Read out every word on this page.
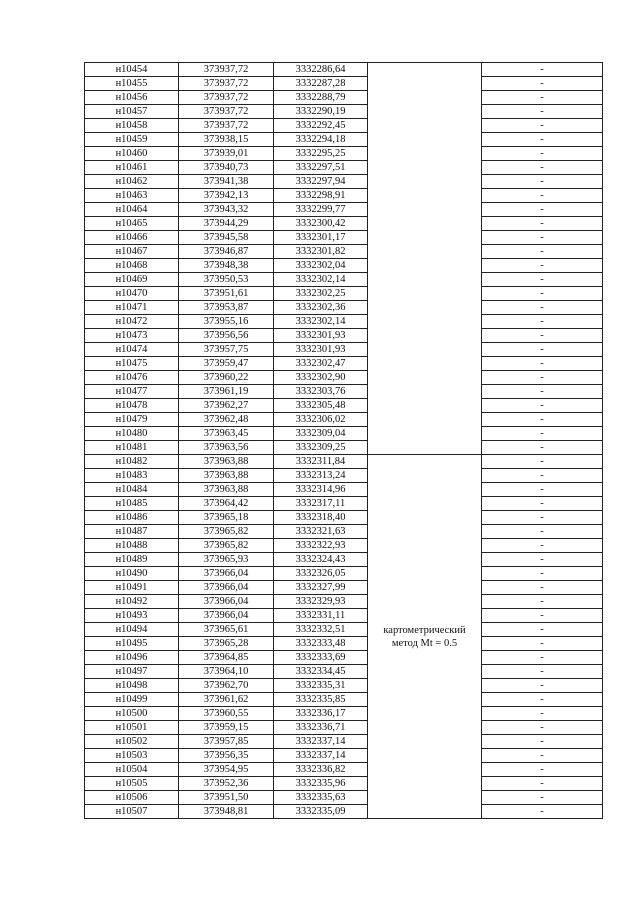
н10454	373937,72	3332286,64		-
н10455	373937,72	3332287,28		-
н10456	373937,72	3332288,79		-
н10457	373937,72	3332290,19		-
н10458	373937,72	3332292,45		-
н10459	373938,15	3332294,18		-
н10460	373939,01	3332295,25		-
н10461	373940,73	3332297,51		-
н10462	373941,38	3332297,94		-
н10463	373942,13	3332298,91		-
н10464	373943,32	3332299,77		-
н10465	373944,29	3332300,42		-
н10466	373945,58	3332301,17		-
н10467	373946,87	3332301,82		-
н10468	373948,38	3332302,04		-
н10469	373950,53	3332302,14		-
н10470	373951,61	3332302,25		-
н10471	373953,87	3332302,36		-
н10472	373955,16	3332302,14		-
н10473	373956,56	3332301,93		-
н10474	373957,75	3332301,93		-
н10475	373959,47	3332302,47		-
н10476	373960,22	3332302,90		-
н10477	373961,19	3332303,76		-
н10478	373962,27	3332305,48		-
н10479	373962,48	3332306,02		-
н10480	373963,45	3332309,04		-
н10481	373963,56	3332309,25		-
н10482	373963,88	3332311,84	картометрический метод Mt = 0.5	-
н10483	373963,88	3332313,24		-
н10484	373963,88	3332314,96		-
н10485	373964,42	3332317,11		-
н10486	373965,18	3332318,40		-
н10487	373965,82	3332321,63		-
н10488	373965,82	3332322,93		-
н10489	373965,93	3332324,43		-
н10490	373966,04	3332326,05		-
н10491	373966,04	3332327,99		-
н10492	373966,04	3332329,93		-
н10493	373966,04	3332331,11		-
н10494	373965,61	3332332,51		-
н10495	373965,28	3332333,48		-
н10496	373964,85	3332333,69		-
н10497	373964,10	3332334,45		-
н10498	373962,70	3332335,31		-
н10499	373961,62	3332335,85		-
н10500	373960,55	3332336,17		-
н10501	373959,15	3332336,71		-
н10502	373957,85	3332337,14		-
н10503	373956,35	3332337,14		-
н10504	373954,95	3332336,82		-
н10505	373952,36	3332335,96		-
н10506	373951,50	3332335,63		-
н10507	373948,81	3332335,09		-
